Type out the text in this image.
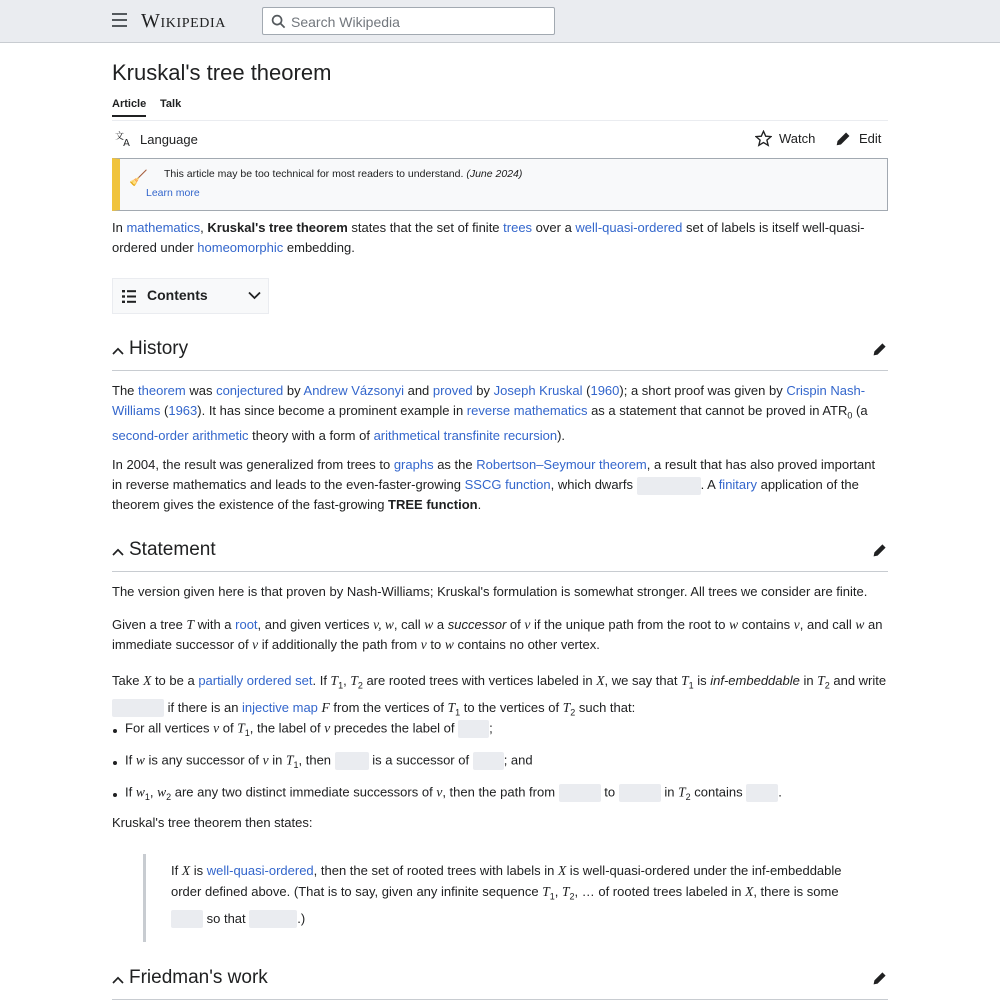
Wikipedia
Search Wikipedia
Kruskal's tree theorem
Article Talk
文
A Language	Watch	Edit
🧹 This article may be too technical for most readers to understand. (June 2024)
Learn more
In mathematics, Kruskal's tree theorem states that the set of finite trees over a well-quasi-ordered set of labels is itself well-quasi-ordered under homeomorphic embedding.
Contents
History
The theorem was conjectured by Andrew Vázsonyi and proved by Joseph Kruskal (1960); a short proof was given by Crispin Nash-Williams (1963). It has since become a prominent example in reverse mathematics as a statement that cannot be proved in $ATR_0$ (a second-order arithmetic theory with a form of arithmetical transfinite recursion).
In 2004, the result was generalized from trees to graphs as the Robertson–Seymour theorem, a result that has also proved important in reverse mathematics and leads to the even-faster-growing SSCG function, which dwarfs	. A finitary application of the theorem gives the existence of the fast-growing TREE function.
Statement
The version given here is that proven by Nash-Williams; Kruskal's formulation is somewhat stronger. All trees we consider are finite.
Given a tree T with a root, and given vertices v, w, call w a successor of v if the unique path from the root to w contains v, and call w an immediate successor of v if additionally the path from v to w contains no other vertex.
Take X to be a partially ordered set. If $T_1$, $T_2$ are rooted trees with vertices labeled in X, we say that $T_1$ is inf-embeddable in $T_2$ and write
if there is an injective map F from the vertices of $T_1$ to the vertices of $T_2$ such that:
For all vertices v of $T_1$, the label of v precedes the label of ;
If w is any successor of v in $T_1$, then	is a successor of ; and
If $w_1$, $w_2$ are any two distinct immediate successors of v, then the path from	to	in $T_2$ contains .
Kruskal's tree theorem then states:
If X is well-quasi-ordered, then the set of rooted trees with labels in X is well-quasi-ordered under the inf-embeddable order defined above. (That is to say, given any infinite sequence $T_1$, $T_2$, … of rooted trees labeled in X, there is some
so that	.)
Friedman's work
